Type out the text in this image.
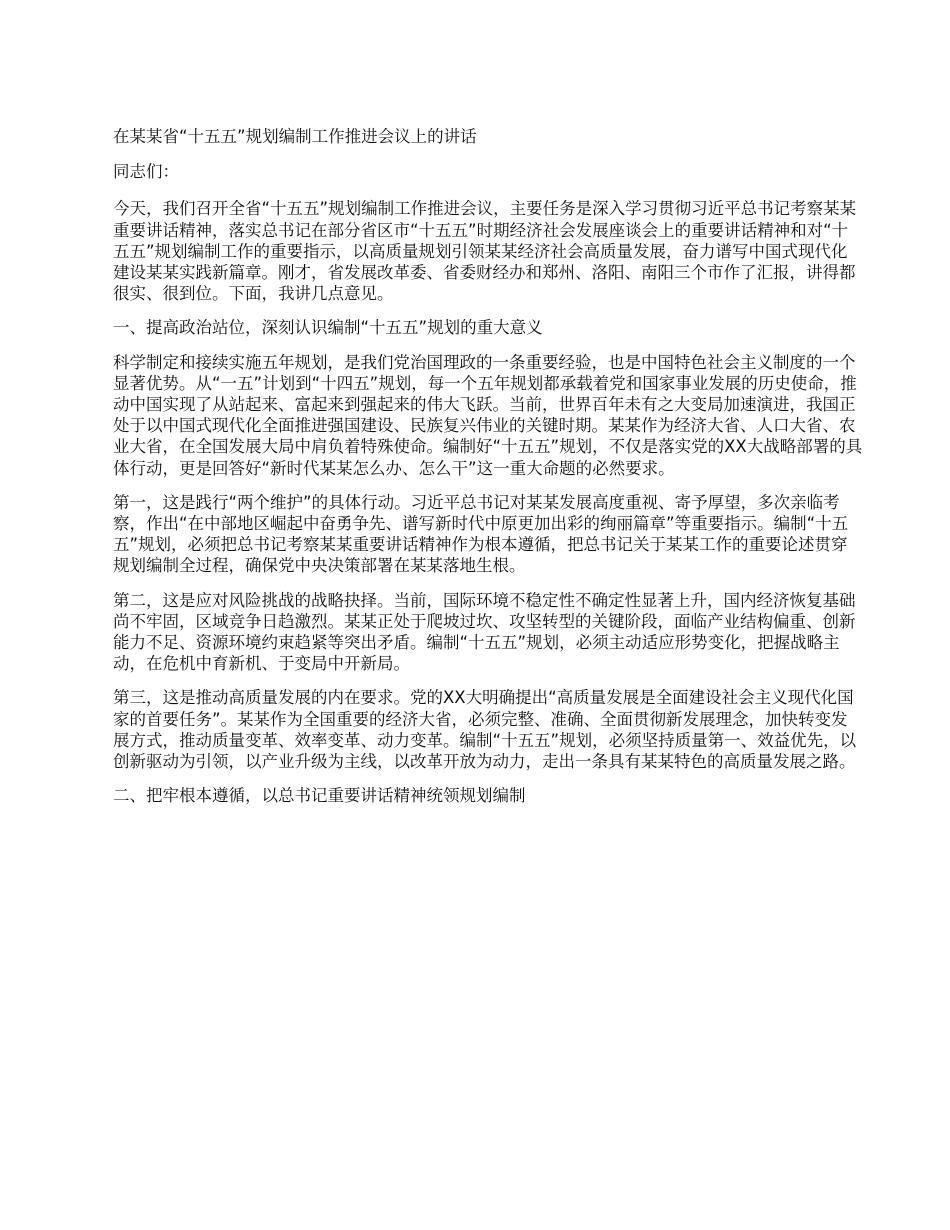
在某某省“十五五”规划编制工作推进会议上的讲话

同志们：

今天，我们召开全省“十五五”规划编制工作推进会议，主要任务是深入学习贯彻习近平总书记考察某某重要讲话精神，落实总书记在部分省区市“十五五”时期经济社会发展座谈会上的重要讲话精神和对“十五五”规划编制工作的重要指示，以高质量规划引领某某经济社会高质量发展，奋力谱写中国式现代化建设某某实践新篇章。刚才，省发展改革委、省委财经办和郑州、洛阳、南阳三个市作了汇报，讲得都很实、很到位。下面，我讲几点意见。

一、提高政治站位，深刻认识编制“十五五”规划的重大意义

科学制定和接续实施五年规划，是我们党治国理政的一条重要经验，也是中国特色社会主义制度的一个显著优势。从“一五”计划到“十四五”规划，每一个五年规划都承载着党和国家事业发展的历史使命，推动中国实现了从站起来、富起来到强起来的伟大飞跃。当前，世界百年未有之大变局加速演进，我国正处于以中国式现代化全面推进强国建设、民族复兴伟业的关键时期。某某作为经济大省、人口大省、农业大省，在全国发展大局中肩负着特殊使命。编制好“十五五”规划，不仅是落实党的XX大战略部署的具体行动，更是回答好“新时代某某怎么办、怎么干”这一重大命题的必然要求。

第一，这是践行“两个维护”的具体行动。习近平总书记对某某发展高度重视、寄予厚望，多次亲临考察，作出“在中部地区崛起中奋勇争先、谱写新时代中原更加出彩的绚丽篇章”等重要指示。编制“十五五”规划，必须把总书记考察某某重要讲话精神作为根本遵循，把总书记关于某某工作的重要论述贯穿规划编制全过程，确保党中央决策部署在某某落地生根。

第二，这是应对风险挑战的战略抉择。当前，国际环境不稳定性不确定性显著上升，国内经济恢复基础尚不牢固，区域竞争日趋激烈。某某正处于爬坡过坎、攻坚转型的关键阶段，面临产业结构偏重、创新能力不足、资源环境约束趋紧等突出矛盾。编制“十五五”规划，必须主动适应形势变化，把握战略主动，在危机中育新机、于变局中开新局。

第三，这是推动高质量发展的内在要求。党的XX大明确提出“高质量发展是全面建设社会主义现代化国家的首要任务”。某某作为全国重要的经济大省，必须完整、准确、全面贯彻新发展理念，加快转变发展方式，推动质量变革、效率变革、动力变革。编制“十五五”规划，必须坚持质量第一、效益优先，以创新驱动为引领，以产业升级为主线，以改革开放为动力，走出一条具有某某特色的高质量发展之路。

二、把牢根本遵循，以总书记重要讲话精神统领规划编制
